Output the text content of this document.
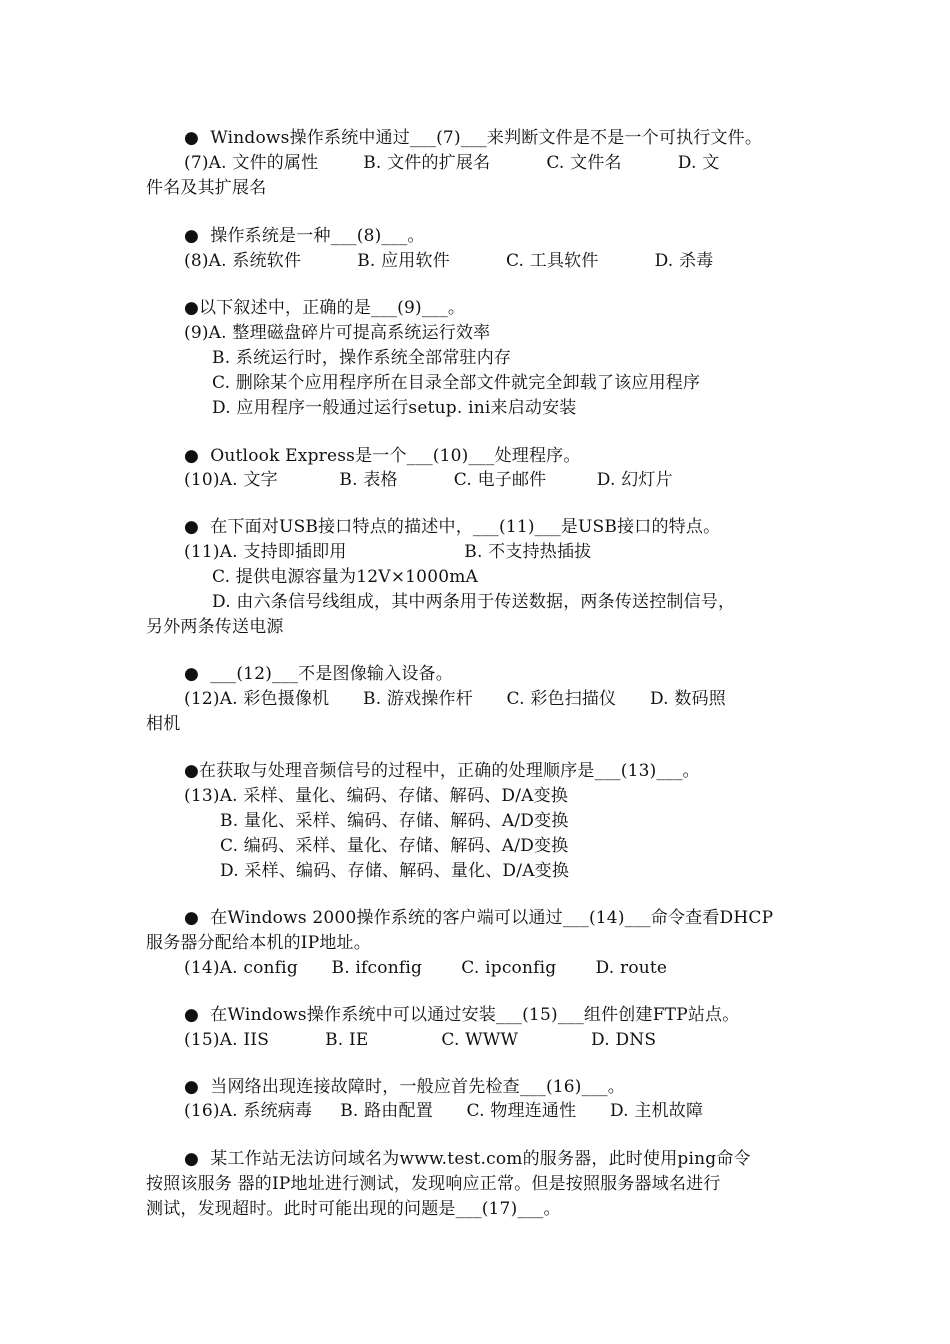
●  Windows操作系统中通过___(7)___来判断文件是不是一个可执行文件。
(7)A. 文件的属性        B. 文件的扩展名          C. 文件名          D. 文
件名及其扩展名
●  操作系统是一种___(8)___。
(8)A. 系统软件          B. 应用软件          C. 工具软件          D. 杀毒
●以下叙述中，正确的是___(9)___。
(9)A. 整理磁盘碎片可提高系统运行效率
B. 系统运行时，操作系统全部常驻内存
C. 删除某个应用程序所在目录全部文件就完全卸载了该应用程序
D. 应用程序一般通过运行setup. ini来启动安装
●  Outlook Express是一个___(10)___处理程序。
(10)A. 文字           B. 表格          C. 电子邮件         D. 幻灯片
●  在下面对USB接口特点的描述中，___(11)___是USB接口的特点。
(11)A. 支持即插即用                     B. 不支持热插拔
C. 提供电源容量为12V×1000mA
D. 由六条信号线组成，其中两条用于传送数据，两条传送控制信号，
另外两条传送电源
●  ___(12)___不是图像输入设备。
(12)A. 彩色摄像机      B. 游戏操作杆      C. 彩色扫描仪      D. 数码照
相机
●在获取与处理音频信号的过程中，正确的处理顺序是___(13)___。
(13)A. 采样、量化、编码、存储、解码、D/A变换
B. 量化、采样、编码、存储、解码、A/D变换
C. 编码、采样、量化、存储、解码、A/D变换
D. 采样、编码、存储、解码、量化、D/A变换
●  在Windows 2000操作系统的客户端可以通过___(14)___命令查看DHCP
服务器分配给本机的IP地址。
(14)A. config      B. ifconfig       C. ipconfig       D. route
●  在Windows操作系统中可以通过安装___(15)___组件创建FTP站点。
(15)A. IIS          B. IE             C. WWW             D. DNS
●  当网络出现连接故障时，一般应首先检查___(16)___。
(16)A. 系统病毒     B. 路由配置      C. 物理连通性      D. 主机故障
●  某工作站无法访问域名为www.test.com的服务器，此时使用ping命令
按照该服务 器的IP地址进行测试，发现响应正常。但是按照服务器域名进行
测试，发现超时。此时可能出现的问题是___(17)___。
